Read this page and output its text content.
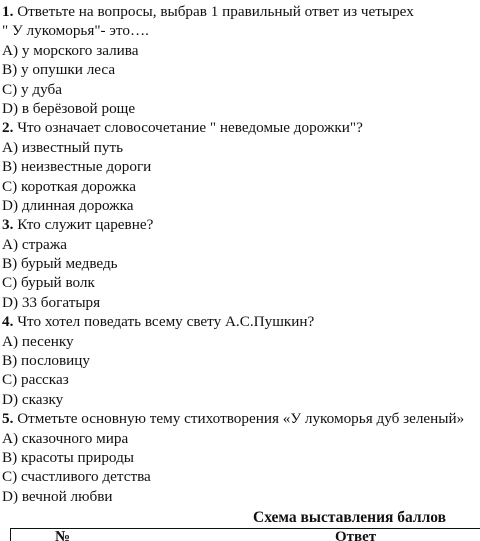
1. Ответьте на вопросы, выбрав 1 правильный ответ из четырех
" У лукоморья"- это….
А) у морского залива
В) у опушки леса
С) у дуба
D) в берёзовой роще
2. Что означает словосочетание " неведомые дорожки"?
А) известный путь
В) неизвестные дороги
С) короткая дорожка
D) длинная дорожка
3. Кто служит царевне?
А) стража
В) бурый медведь
С) бурый волк
D) 33 богатыря
4. Что хотел поведать всему свету А.С.Пушкин?
А) песенку
В) пословицу
С) рассказ
D) сказку
5. Отметьте основную тему стихотворения «У лукоморья дуб зеленый»
А) сказочного мира
В) красоты природы
С) счастливого детства
D) вечной любви
Схема выставления баллов
№	Ответ
